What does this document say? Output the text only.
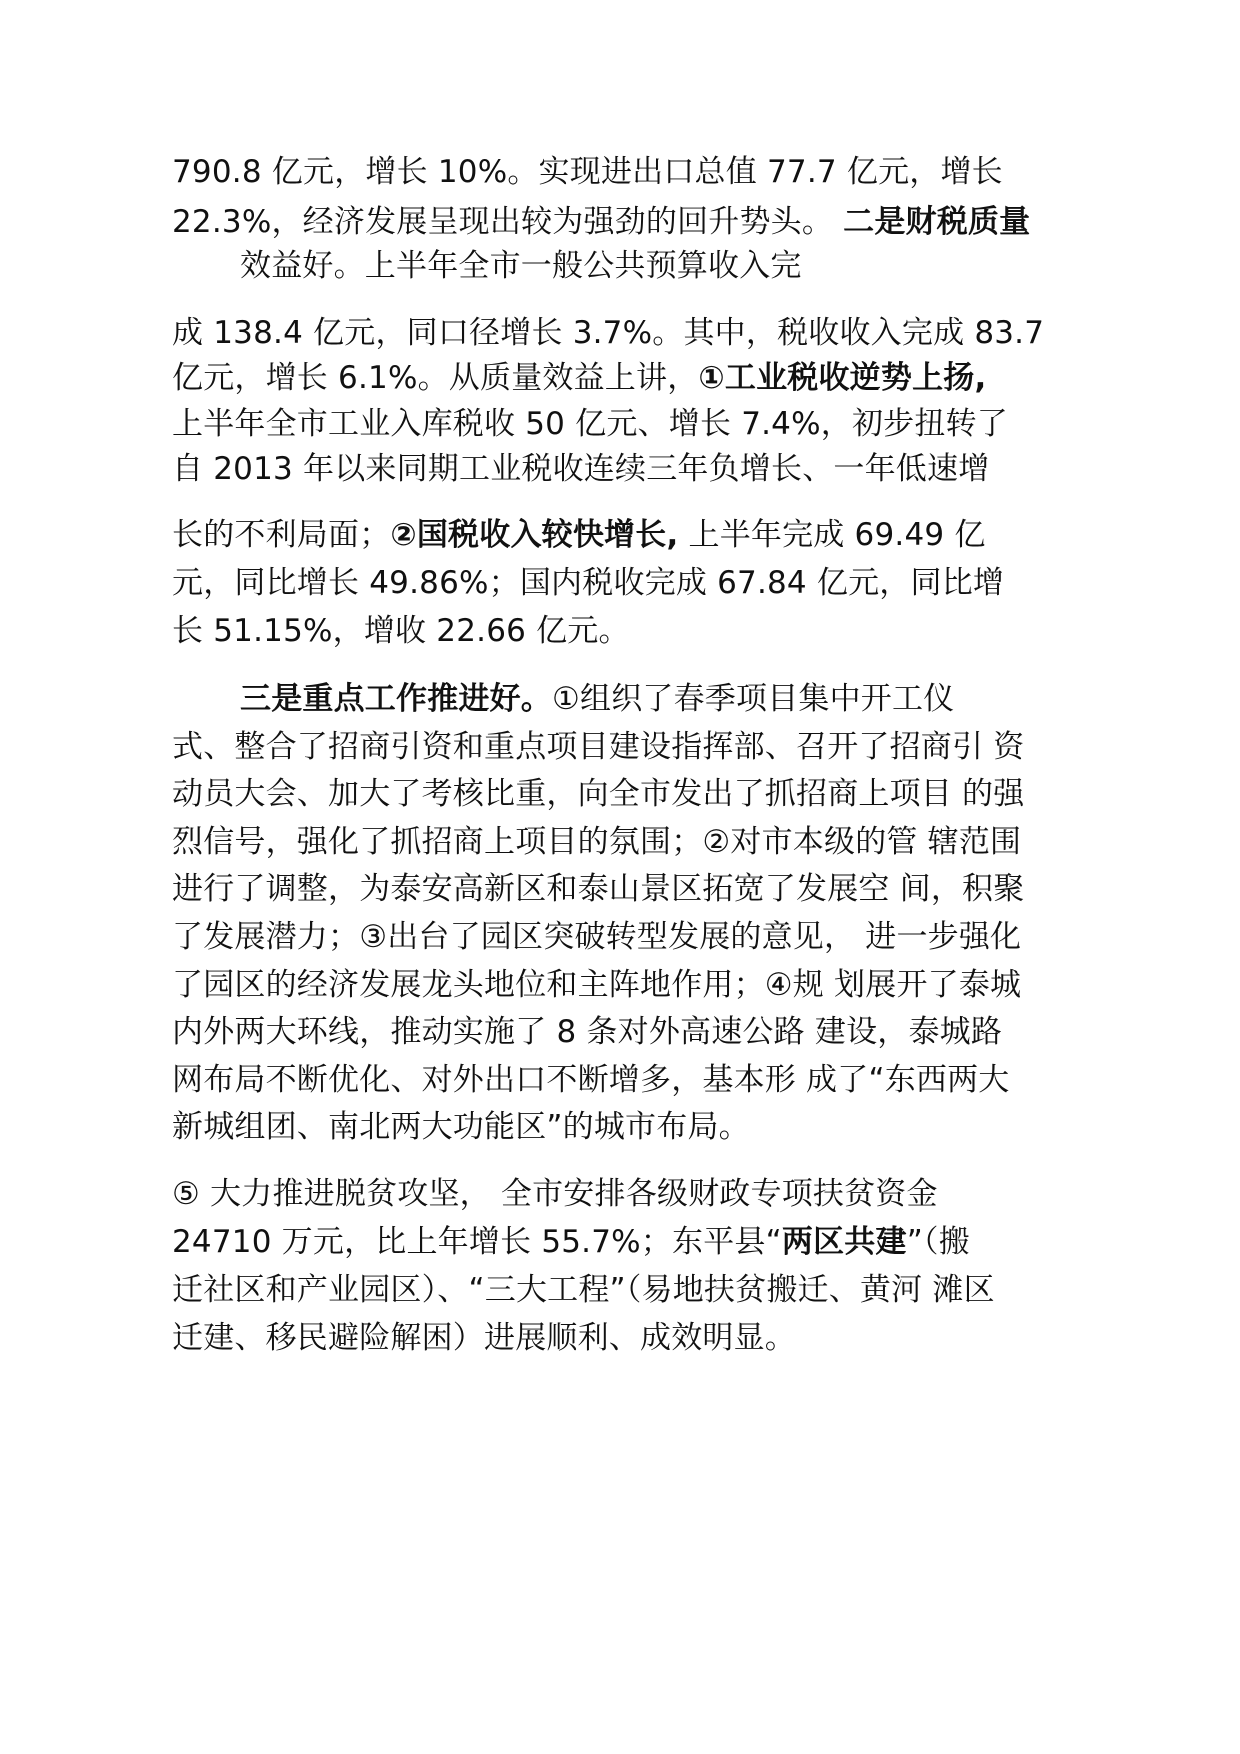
790.8 亿元，增长 10%。实现进出口总值 77.7 亿元，增长

22.3%，经济发展呈现出较为强劲的回升势头。 二是财税质量

效益好。上半年全市一般公共预算收入完

成 138.4 亿元，同口径增长 3.7%。其中，税收收入完成 83.7

亿元，增长 6.1%。从质量效益上讲，①工业税收逆势上扬,

上半年全市工业入库税收 50 亿元、增长 7.4%，初步扭转了

自 2013 年以来同期工业税收连续三年负增长、一年低速增

长的不利局面；②国税收入较快增长, 上半年完成 69.49 亿

元，同比增长 49.86%；国内税收完成 67.84 亿元，同比增

长 51.15%，增收 22.66 亿元。

三是重点工作推进好。①组织了春季项目集中开工仪

式、整合了招商引资和重点项目建设指挥部、召开了招商引 资

动员大会、加大了考核比重，向全市发出了抓招商上项目 的强

烈信号，强化了抓招商上项目的氛围；②对市本级的管 辖范围

进行了调整，为泰安高新区和泰山景区拓宽了发展空 间，积聚

了发展潜力；③出台了园区突破转型发展的意见， 进一步强化

了园区的经济发展龙头地位和主阵地作用；④规 划展开了泰城

内外两大环线，推动实施了 8 条对外高速公路 建设，泰城路

网布局不断优化、对外出口不断增多，基本形 成了“东西两大

新城组团、南北两大功能区”的城市布局。

⑤ 大力推进脱贫攻坚， 全市安排各级财政专项扶贫资金

24710 万元，比上年增长 55.7%；东平县“两区共建”（搬

迁社区和产业园区）、“三大工程”（易地扶贫搬迁、黄河 滩区

迁建、移民避险解困）进展顺利、成效明显。
